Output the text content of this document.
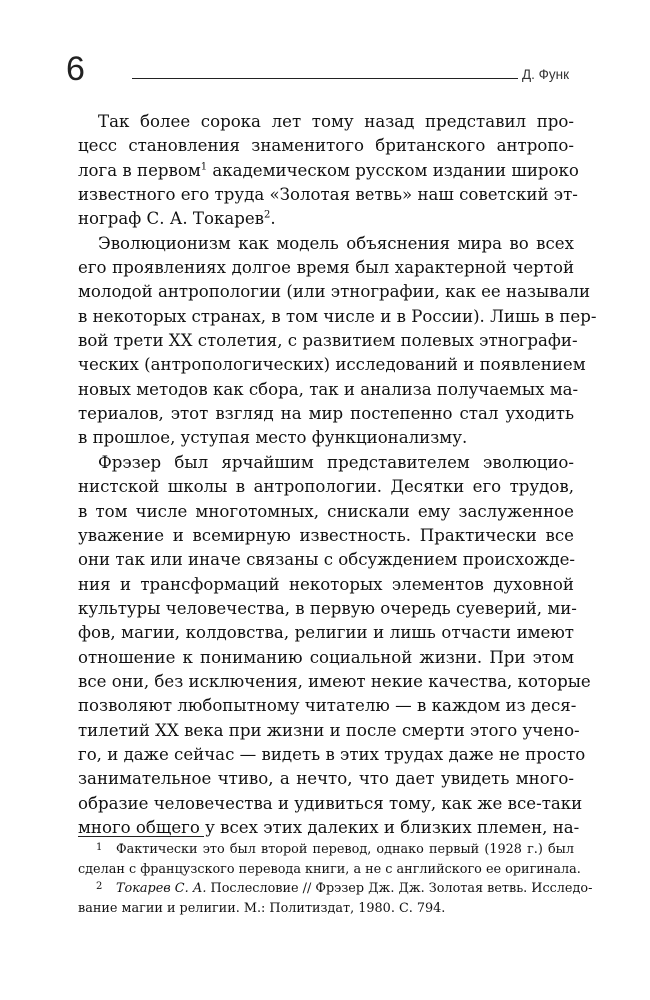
6	Д. Функ
Так более сорока лет тому назад представил про-
цесс становления знаменитого британского антропо-
лога в первом$^1$ академическом русском издании широко
известного его труда «Золотая ветвь» наш советский эт-
нограф С. А. Токарев$^2$.
Эволюционизм как модель объяснения мира во всех
его проявлениях долгое время был характерной чертой
молодой антропологии (или этнографии, как ее называли
в некоторых странах, в том числе и в России). Лишь в пер-
вой трети XX столетия, с развитием полевых этнографи-
ческих (антропологических) исследований и появлением
новых методов как сбора, так и анализа получаемых ма-
териалов, этот взгляд на мир постепенно стал уходить
в прошлое, уступая место функционализму.
Фрэзер был ярчайшим представителем эволюцио-
нистской школы в антропологии. Десятки его трудов,
в том числе многотомных, снискали ему заслуженное
уважение и всемирную известность. Практически все
они так или иначе связаны с обсуждением происхожде-
ния и трансформаций некоторых элементов духовной
культуры человечества, в первую очередь суеверий, ми-
фов, магии, колдовства, религии и лишь отчасти имеют
отношение к пониманию социальной жизни. При этом
все они, без исключения, имеют некие качества, которые
позволяют любопытному читателю — в каждом из деся-
тилетий XX века при жизни и после смерти этого учено-
го, и даже сейчас — видеть в этих трудах даже не просто
занимательное чтиво, а нечто, что дает увидеть много-
образие человечества и удивиться тому, как же все-таки
много общего у всех этих далеких и близких племен, на-
1 Фактически это был второй перевод, однако первый (1928 г.) был
сделан с французского перевода книги, а не с английского ее оригинала.
2 Токарев С. А. Послесловие // Фрэзер Дж. Дж. Золотая ветвь. Исследо-
вание магии и религии. М.: Политиздат, 1980. С. 794.
